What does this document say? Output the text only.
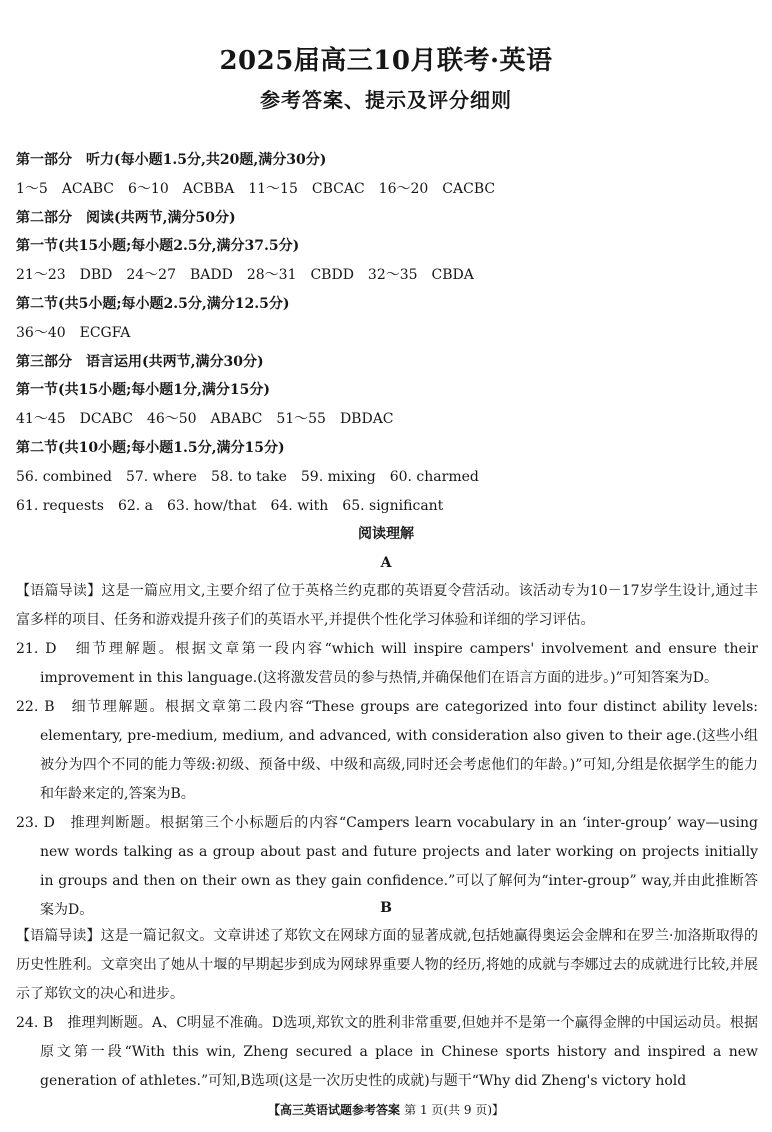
2025届高三10月联考·英语
参考答案、提示及评分细则
第一部分　听力(每小题1.5分,共20题,满分30分)
1～5　ACABC　6～10　ACBBA　11～15　CBCAC　16～20　CACBC
第二部分　阅读(共两节,满分50分)
第一节(共15小题;每小题2.5分,满分37.5分)
21～23　DBD　24～27　BADD　28～31　CBDD　32～35　CBDA
第二节(共5小题;每小题2.5分,满分12.5分)
36～40　ECGFA
第三部分　语言运用(共两节,满分30分)
第一节(共15小题;每小题1分,满分15分)
41～45　DCABC　46～50　ABABC　51～55　DBDAC
第二节(共10小题;每小题1.5分,满分15分)
56. combined　57. where　58. to take　59. mixing　60. charmed
61. requests　62. a　63. how/that　64. with　65. significant
阅读理解
A
【语篇导读】这是一篇应用文,主要介绍了位于英格兰约克郡的英语夏令营活动。该活动专为10－17岁学生设计,通过丰富多样的项目、任务和游戏提升孩子们的英语水平,并提供个性化学习体验和详细的学习评估。
21. D　细节理解题。根据文章第一段内容“which will inspire campers' involvement and ensure their improvement in this language.(这将激发营员的参与热情,并确保他们在语言方面的进步。)”可知答案为D。
22. B　细节理解题。根据文章第二段内容“These groups are categorized into four distinct ability levels: elementary, pre-medium, medium, and advanced, with consideration also given to their age.(这些小组被分为四个不同的能力等级:初级、预备中级、中级和高级,同时还会考虑他们的年龄。)”可知,分组是依据学生的能力和年龄来定的,答案为B。
23. D　推理判断题。根据第三个小标题后的内容“Campers learn vocabulary in an ‘inter-group’ way—using new words talking as a group about past and future projects and later working on projects initially in groups and then on their own as they gain confidence.”可以了解何为“inter-group” way,并由此推断答案为D。	B
【语篇导读】这是一篇记叙文。文章讲述了郑钦文在网球方面的显著成就,包括她赢得奥运会金牌和在罗兰·加洛斯取得的历史性胜利。文章突出了她从十堰的早期起步到成为网球界重要人物的经历,将她的成就与李娜过去的成就进行比较,并展示了郑钦文的决心和进步。
24. B　推理判断题。A、C明显不准确。D选项,郑钦文的胜利非常重要,但她并不是第一个赢得金牌的中国运动员。根据原文第一段“With this win, Zheng secured a place in Chinese sports history and inspired a new generation of athletes.”可知,B选项(这是一次历史性的成就)与题干“Why did Zheng's victory hold
【高三英语试题参考答案 第 1 页(共 9 页)】
